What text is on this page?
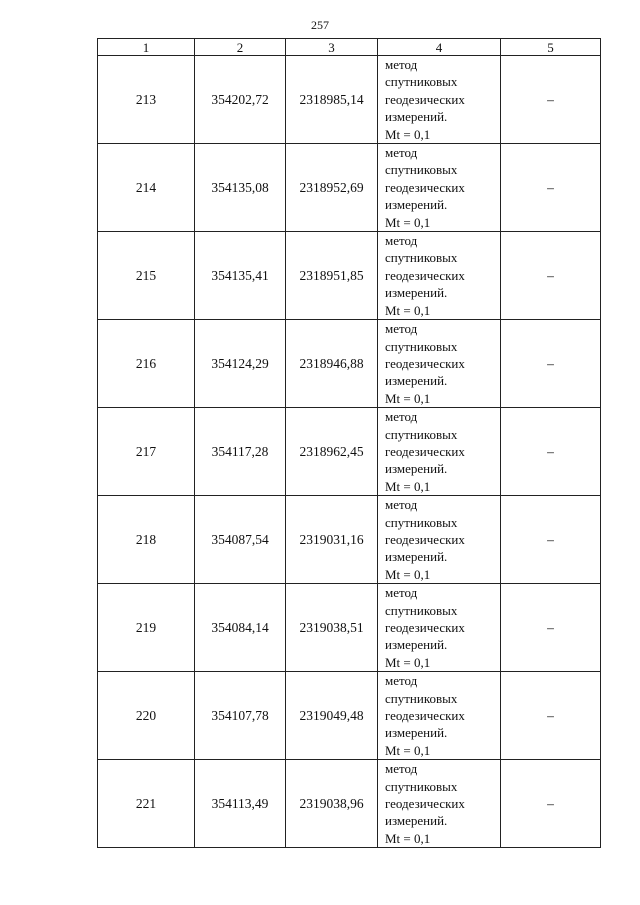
257
1	2	3	4	5
213	354202,72	2318985,14	метод
спутниковых
геодезических
измерений.
Mt = 0,1	–
214	354135,08	2318952,69	метод
спутниковых
геодезических
измерений.
Mt = 0,1	–
215	354135,41	2318951,85	метод
спутниковых
геодезических
измерений.
Mt = 0,1	–
216	354124,29	2318946,88	метод
спутниковых
геодезических
измерений.
Mt = 0,1	–
217	354117,28	2318962,45	метод
спутниковых
геодезических
измерений.
Mt = 0,1	–
218	354087,54	2319031,16	метод
спутниковых
геодезических
измерений.
Mt = 0,1	–
219	354084,14	2319038,51	метод
спутниковых
геодезических
измерений.
Mt = 0,1	–
220	354107,78	2319049,48	метод
спутниковых
геодезических
измерений.
Mt = 0,1	–
221	354113,49	2319038,96	метод
спутниковых
геодезических
измерений.
Mt = 0,1	–
